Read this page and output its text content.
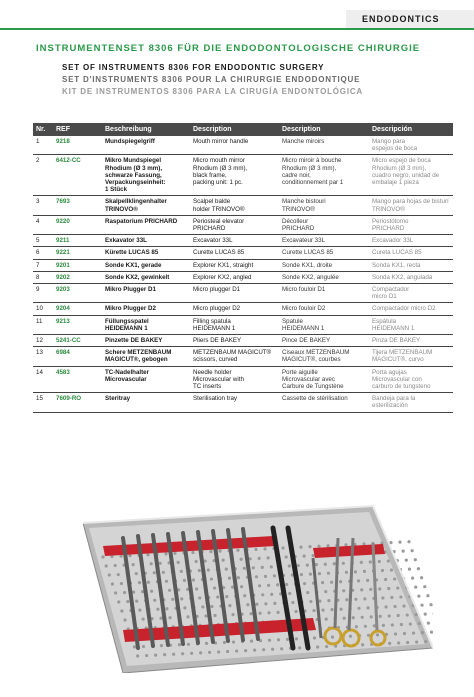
ENDODONTICS
INSTRUMENTENSET 8306 FÜR DIE ENDODONTOLOGISCHE CHIRURGIE
SET OF INSTRUMENTS 8306 FOR ENDODONTIC SURGERY
SET D'INSTRUMENTS 8306 POUR LA CHIRURGIE ENDODONTIQUE
KIT DE INSTRUMENTOS 8306 PARA LA CIRUGÍA ENDONTOLÓGICA
Nr.	REF	Beschreibung	Description	Description	Descripción
1	9218	Mundspiegelgriff	Mouth mirror handle	Manche miroirs	Mango para
espejos de boca
2	6412-CC	Mikro Mundspiegel
Rhodium (Ø 3 mm),
schwarze Fassung,
Verpackungseinheit:
1 Stück	Micro mouth mirror
Rhodium (Ø 3 mm),
black frame,
packing unit: 1 pc.	Micro miroir à bouche
Rhodium (Ø 3 mm),
cadre noir,
conditionnement par 1	Micro espejo de boca
Rhodium (Ø 3 mm),
cuadro negro, unidad de
embalaje 1 pieza
3	7693	Skalpellklingenhalter
TRINOVO®	Scalpel balde
holder TRINOVO®	Manche bistouri
TRINOVO®	Mango para hojas de bisturí
TRINOVO®
4	9220	Raspatorium PRICHARD	Periosteal elevator
PRICHARD	Décolleur
PRICHARD	Periostótomo
PRICHARD
5	9211	Exkavator 33L	Excavator 33L	Excavateur 33L	Excavador 33L
6	9221	Kürette LUCAS 85	Curette LUCAS 85	Curette LUCAS 85	Cureta LUCAS 85
7	9201	Sonde KX1, gerade	Explorer KX1, straight	Sonde KX1, droite	Sonda KX1, recta
8	9202	Sonde KX2, gewinkelt	Explorer KX2, angled	Sonde KX2, angulée	Sonda KX2, angulada
9	9203	Mikro Plugger D1	Micro plugger D1	Micro fouloir D1	Compactador
micro D1
10	9204	Mikro Plugger D2	Micro plugger D2	Micro fouloir D2	Compactador micro D2
11	9213	Füllungsspatel
HEIDEMANN 1	Filling spatula
HEIDEMANN 1	Spatule
HEIDEMANN 1	Espátula
HEIDEMANN 1
12	5241-CC	Pinzette DE BAKEY	Pliers DE BAKEY	Pince DE BAKEY	Pinza DE BAKEY
13	6984	Schere METZENBAUM
MAGICUT®, gebogen	METZENBAUM MAGICUT®
scissors, curved	Ciseaux METZENBAUM
MAGICUT®, courbes	Tijera METZENBAUM
MAGICUT®, curvo
14	4583	TC-Nadelhalter
Microvascular	Needle holder
Microvascular with
TC inserts	Porte aiguille
Microvascular avec
Carbure de Tungstène	Porta agujas
Microvascular con
carburo de tungsteno
15	7609-RO	Steritray	Sterilisation tray	Cassette de stérilisation	Bandeja para la
esterilización
